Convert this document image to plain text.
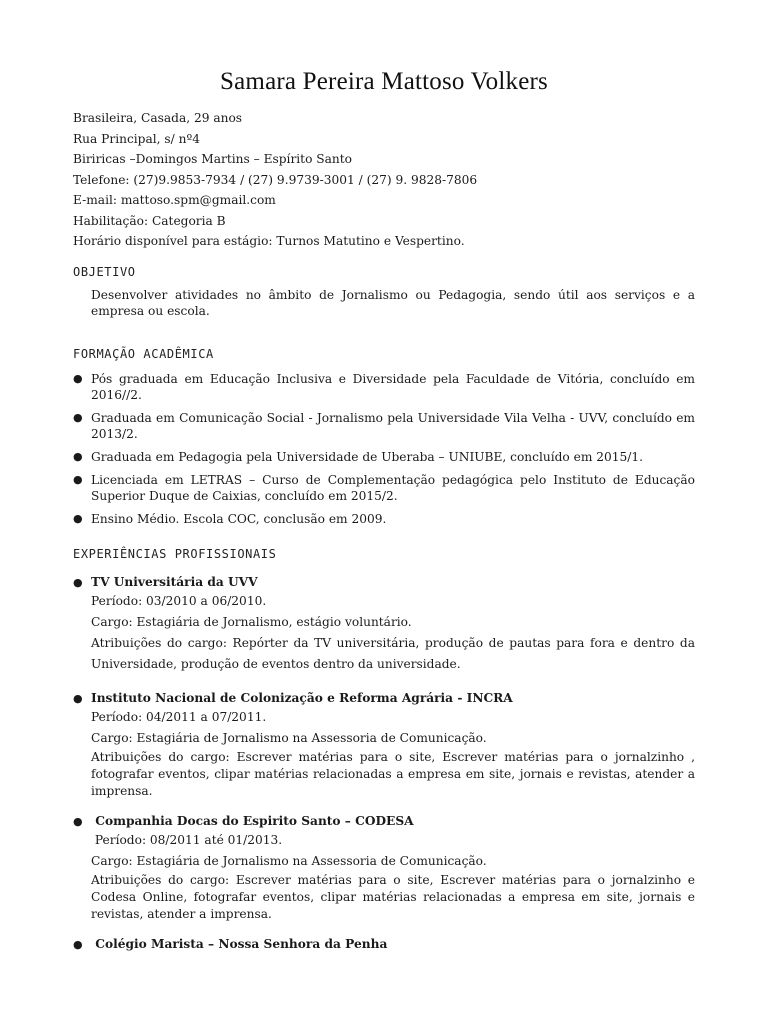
Samara Pereira Mattoso Volkers
Brasileira, Casada, 29 anos
Rua Principal, s/ nº4
Biriricas –Domingos Martins – Espírito Santo
Telefone: (27)9.9853-7934 / (27) 9.9739-3001 / (27) 9. 9828-7806
E-mail: mattoso.spm@gmail.com
Habilitação: Categoria B
Horário disponível para estágio: Turnos Matutino e Vespertino.
OBJETIVO
Desenvolver atividades no âmbito de Jornalismo ou Pedagogia, sendo útil aos serviços e a empresa ou escola.
FORMAÇÃO ACADÊMICA
● Pós graduada em Educação Inclusiva e Diversidade pela Faculdade de Vitória, concluído em 2016//2.
● Graduada em Comunicação Social - Jornalismo pela Universidade Vila Velha - UVV, concluído em 2013/2.
● Graduada em Pedagogia pela Universidade de Uberaba – UNIUBE, concluído em 2015/1.
● Licenciada em LETRAS – Curso de Complementação pedagógica pelo Instituto de Educação Superior Duque de Caixias, concluído em 2015/2.
● Ensino Médio. Escola COC, conclusão em 2009.
EXPERIÊNCIAS PROFISSIONAIS
● TV Universitária da UVV
Período: 03/2010 a 06/2010.
Cargo: Estagiária de Jornalismo, estágio voluntário.
Atribuições do cargo: Repórter da TV universitária, produção de pautas para fora e dentro da Universidade, produção de eventos dentro da universidade.
● Instituto Nacional de Colonização e Reforma Agrária - INCRA
Período: 04/2011 a 07/2011.
Cargo: Estagiária de Jornalismo na Assessoria de Comunicação.
Atribuições do cargo: Escrever matérias para o site, Escrever matérias para o jornalzinho , fotografar eventos, clipar matérias relacionadas a empresa em site, jornais e revistas, atender a imprensa.
● Companhia Docas do Espirito Santo – CODESA
Período: 08/2011 até 01/2013.
Cargo: Estagiária de Jornalismo na Assessoria de Comunicação.
Atribuições do cargo: Escrever matérias para o site, Escrever matérias para o jornalzinho e Codesa Online, fotografar eventos, clipar matérias relacionadas a empresa em site, jornais e revistas, atender a imprensa.
● Colégio Marista – Nossa Senhora da Penha
